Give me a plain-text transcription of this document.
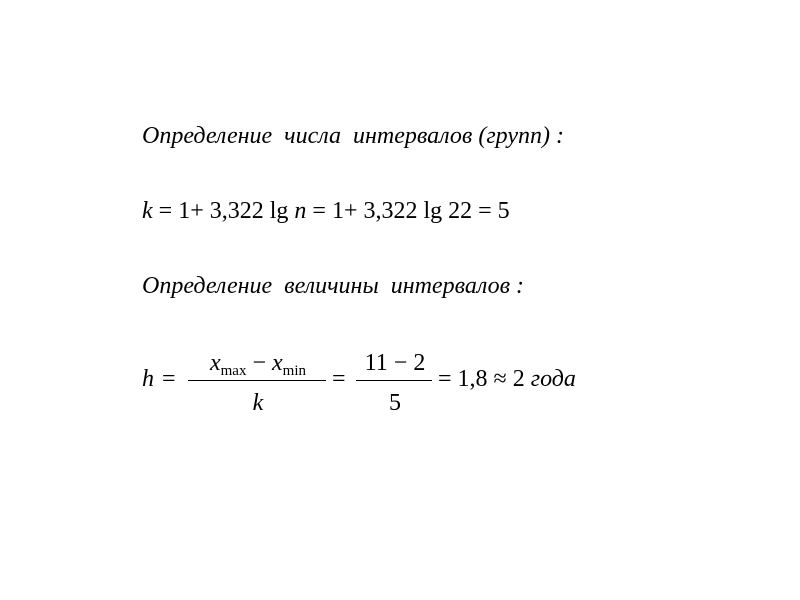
Определение  числа  интервалов (групп) :
k = 1+ 3,322 lg n = 1+ 3,322 lg 22 = 5
Определение  величины  интервалов :
h =
$x_{max} - x_{min}$
k
=
11 − 2
5
= 1,8 ≈ 2 года
